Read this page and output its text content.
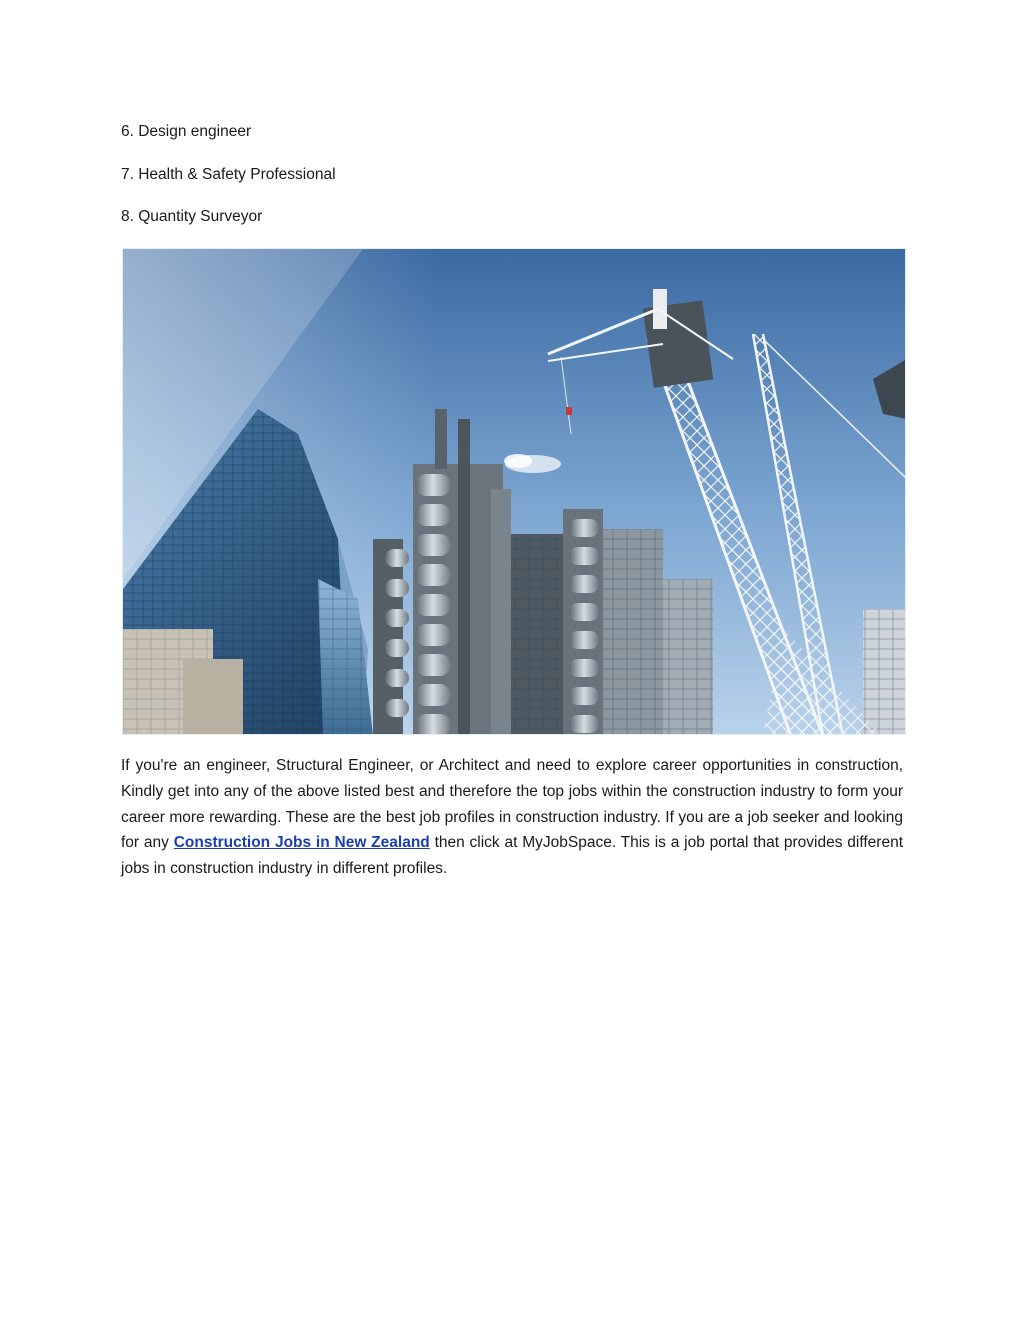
6. Design engineer

7. Health & Safety Professional

8. Quantity Surveyor

If you're an engineer, Structural Engineer, or Architect and need to explore career opportunities in construction, Kindly get into any of the above listed best and therefore the top jobs within the construction industry to form your career more rewarding. These are the best job profiles in construction industry. If you are a job seeker and looking for any Construction Jobs in New Zealand then click at MyJobSpace. This is a job portal that provides different jobs in construction industry in different profiles.
